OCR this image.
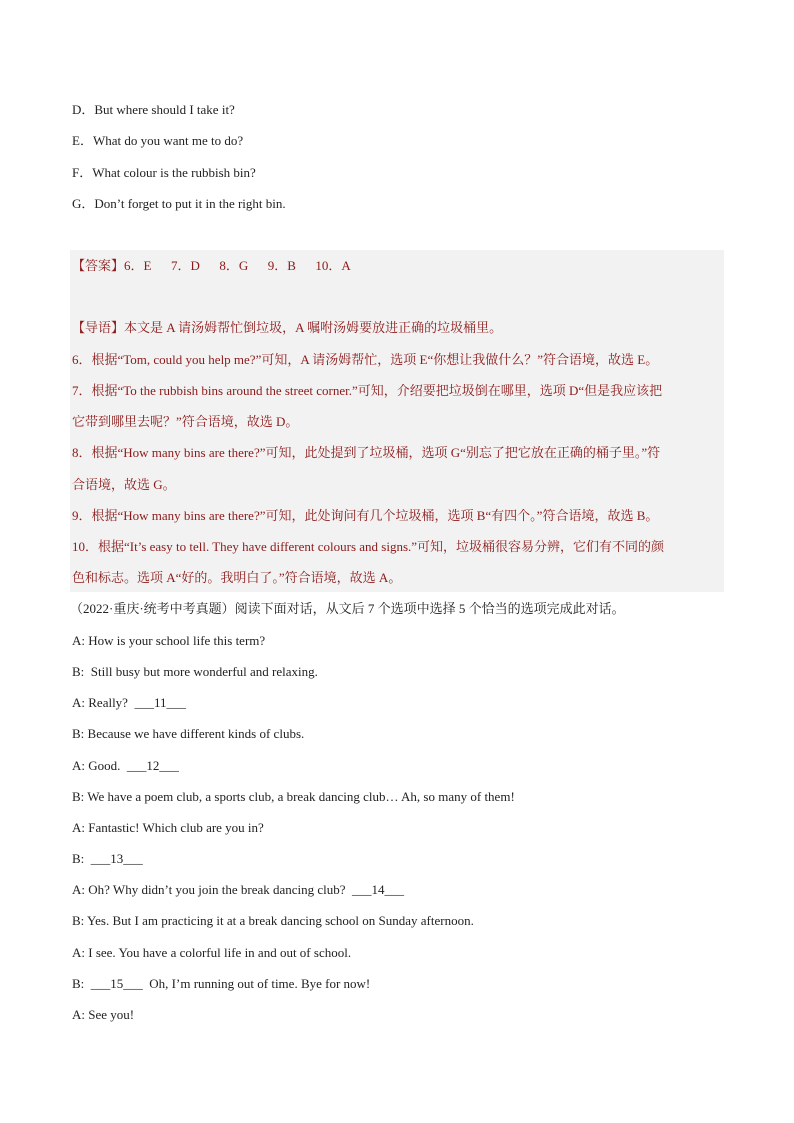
D．But where should I take it?
E．What do you want me to do?
F．What colour is the rubbish bin?
G．Don’t forget to put it in the right bin.
【答案】6．E      7．D      8．G      9．B      10．A
【导语】本文是 A 请汤姆帮忙倒垃圾，A 嘱咐汤姆要放进正确的垃圾桶里。
6．根据“Tom, could you help me?”可知，A 请汤姆帮忙，选项 E“你想让我做什么？”符合语境，故选 E。
7．根据“To the rubbish bins around the street corner.”可知，介绍要把垃圾倒在哪里，选项 D“但是我应该把
它带到哪里去呢？”符合语境，故选 D。
8．根据“How many bins are there?”可知，此处提到了垃圾桶，选项 G“别忘了把它放在正确的桶子里。”符
合语境，故选 G。
9．根据“How many bins are there?”可知，此处询问有几个垃圾桶，选项 B“有四个。”符合语境，故选 B。
10．根据“It’s easy to tell. They have different colours and signs.”可知，垃圾桶很容易分辨，它们有不同的颜
色和标志。选项 A“好的。我明白了。”符合语境，故选 A。
（2022·重庆·统考中考真题）阅读下面对话，从文后 7 个选项中选择 5 个恰当的选项完成此对话。
A: How is your school life this term?
B:  Still busy but more wonderful and relaxing.
A: Really?  ___11___
B: Because we have different kinds of clubs.
A: Good.  ___12___
B: We have a poem club, a sports club, a break dancing club… Ah, so many of them!
A: Fantastic! Which club are you in?
B:  ___13___
A: Oh? Why didn’t you join the break dancing club?  ___14___
B: Yes. But I am practicing it at a break dancing school on Sunday afternoon.
A: I see. You have a colorful life in and out of school.
B:  ___15___  Oh, I’m running out of time. Bye for now!
A: See you!
